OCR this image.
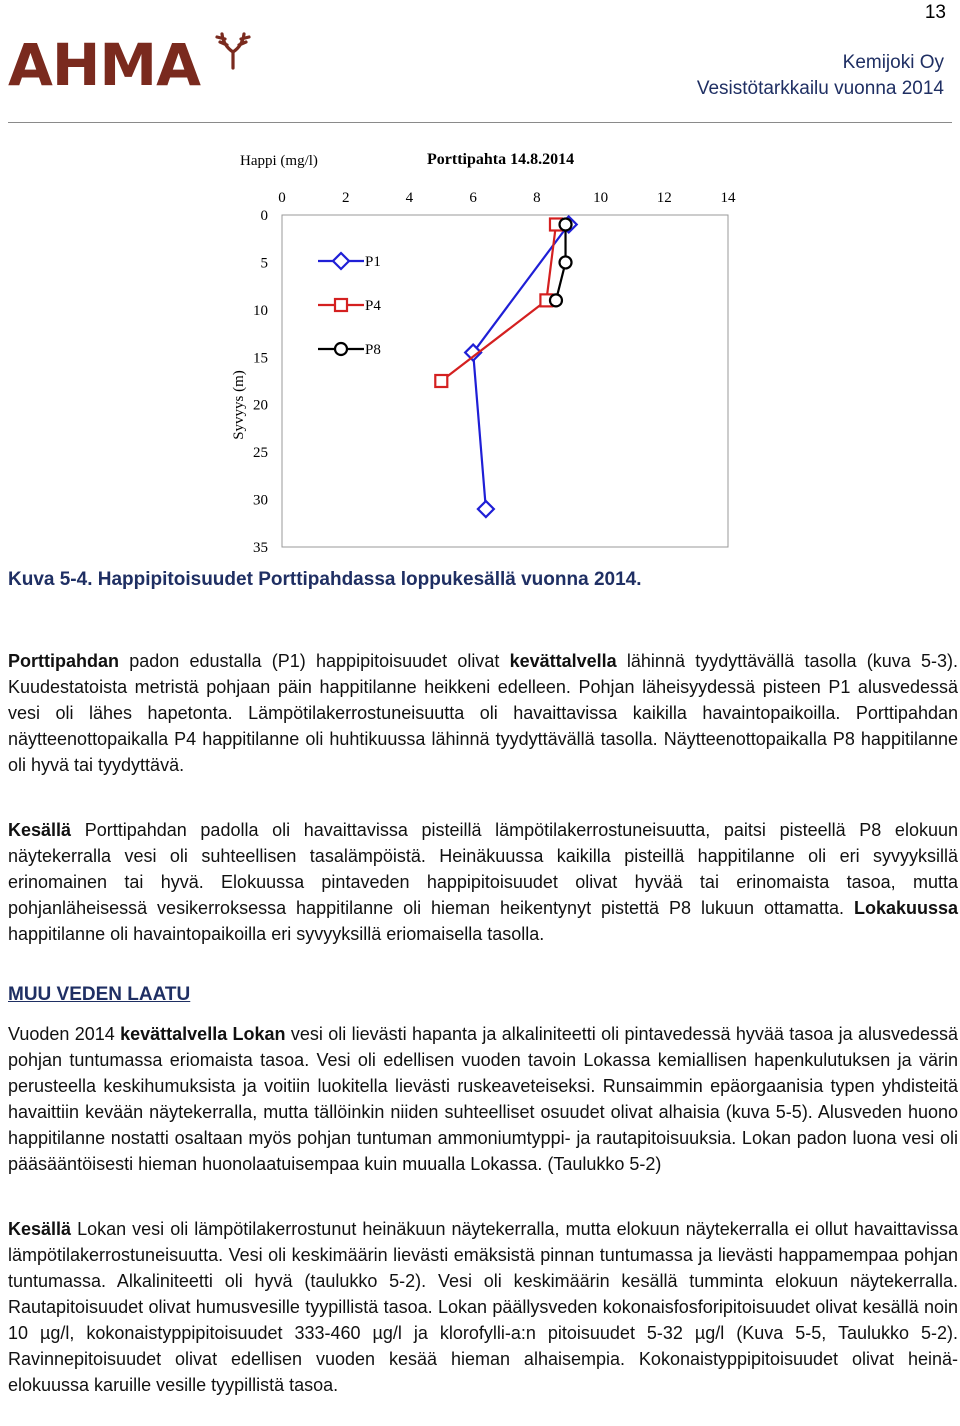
13
AHMA	Kemijoki Oy
Vesistötarkkailu vuonna 2014
Happi (mg/l)	Porttipahta 14.8.2014
Syvyys (m)
0	2	4	6	8	10	12	14
0
5
10
15
20
25
30
35
P1
P4
P8
Kuva 5-4. Happipitoisuudet Porttipahdassa loppukesällä vuonna 2014.

Porttipahdan padon edustalla (P1) happipitoisuudet olivat kevättalvella lähinnä tyydyttävällä tasolla (kuva 5-3). Kuudestatoista metristä pohjaan päin happitilanne heikkeni edelleen. Pohjan läheisyydessä pisteen P1 alusvedessä vesi oli lähes hapetonta. Lämpötilakerrostuneisuutta oli havaittavissa kaikilla havaintopaikoilla. Porttipahdan näytteenottopaikalla P4 happitilanne oli huhtikuussa lähinnä tyydyttävällä tasolla. Näytteenottopaikalla P8 happitilanne oli hyvä tai tyydyttävä.

Kesällä Porttipahdan padolla oli havaittavissa pisteillä lämpötilakerrostuneisuutta, paitsi pisteellä P8 elokuun näytekerralla vesi oli suhteellisen tasalämpöistä. Heinäkuussa kaikilla pisteillä happitilanne oli eri syvyyksillä erinomainen tai hyvä. Elokuussa pintaveden happipitoisuudet olivat hyvää tai erinomaista tasoa, mutta pohjanläheisessä vesikerroksessa happitilanne oli hieman heikentynyt pistettä P8 lukuun ottamatta. Lokakuussa happitilanne oli havaintopaikoilla eri syvyyksillä eriomaisella tasolla.

MUU VEDEN LAATU

Vuoden 2014 kevättalvella Lokan vesi oli lievästi hapanta ja alkaliniteetti oli pintavedessä hyvää tasoa ja alusvedessä pohjan tuntumassa eriomaista tasoa. Vesi oli edellisen vuoden tavoin Lokassa kemiallisen hapenkulutuksen ja värin perusteella keskihumuksista ja voitiin luokitella lievästi ruskeaveteiseksi. Runsaimmin epäorgaanisia typen yhdisteitä havaittiin kevään näytekerralla, mutta tällöinkin niiden suhteelliset osuudet olivat alhaisia (kuva 5-5). Alusveden huono happitilanne nostatti osaltaan myös pohjan tuntuman ammoniumtyppi- ja rautapitoisuuksia. Lokan padon luona vesi oli pääsääntöisesti hieman huonolaatuisempaa kuin muualla Lokassa. (Taulukko 5-2)

Kesällä Lokan vesi oli lämpötilakerrostunut heinäkuun näytekerralla, mutta elokuun näytekerralla ei ollut havaittavissa lämpötilakerrostuneisuutta. Vesi oli keskimäärin lievästi emäksistä pinnan tuntumassa ja lievästi happamempaa pohjan tuntumassa. Alkaliniteetti oli hyvä (taulukko 5-2). Vesi oli keskimäärin kesällä tumminta elokuun näytekerralla. Rautapitoisuudet olivat humusvesille tyypillistä tasoa. Lokan päällysveden kokonaisfosforipitoisuudet olivat kesällä noin 10 µg/l, kokonaistyppipitoisuudet 333-460 µg/l ja klorofylli-a:n pitoisuudet 5-32 µg/l (Kuva 5-5, Taulukko 5-2). Ravinnepitoisuudet olivat edellisen vuoden kesää hieman alhaisempia. Kokonaistyppipitoisuudet olivat heinä-elokuussa karuille vesille tyypillistä tasoa.
